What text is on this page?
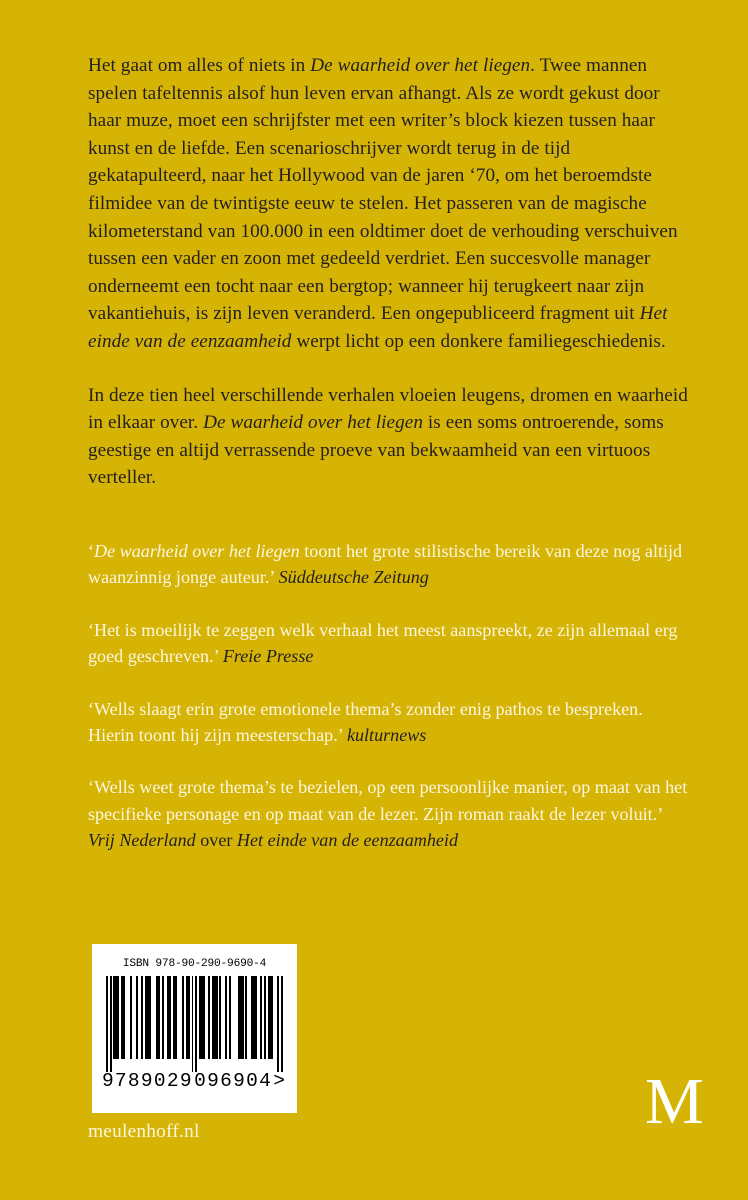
Het gaat om alles of niets in De waarheid over het liegen. Twee mannen spelen tafeltennis alsof hun leven ervan afhangt. Als ze wordt gekust door haar muze, moet een schrijfster met een writer’s block kiezen tussen haar kunst en de liefde. Een scenarioschrijver wordt terug in de tijd gekatapulteerd, naar het Hollywood van de jaren ‘70, om het beroemdste filmidee van de twintigste eeuw te stelen. Het passeren van de magische kilometerstand van 100.000 in een oldtimer doet de verhouding verschuiven tussen een vader en zoon met gedeeld verdriet. Een succesvolle manager onderneemt een tocht naar een bergtop; wanneer hij terugkeert naar zijn vakantiehuis, is zijn leven veranderd. Een ongepubliceerd fragment uit Het einde van de eenzaamheid werpt licht op een donkere familiegeschiedenis.

In deze tien heel verschillende verhalen vloeien leugens, dromen en waarheid in elkaar over. De waarheid over het liegen is een soms ontroerende, soms geestige en altijd verrassende proeve van bekwaamheid van een virtuoos verteller.

‘De waarheid over het liegen toont het grote stilistische bereik van deze nog altijd waanzinnig jonge auteur.’ Süddeutsche Zeitung

‘Het is moeilijk te zeggen welk verhaal het meest aanspreekt, ze zijn allemaal erg goed geschreven.’ Freie Presse

‘Wells slaagt erin grote emotionele thema’s zonder enig pathos te bespreken. Hierin toont hij zijn meesterschap.’ kulturnews

‘Wells weet grote thema’s te bezielen, op een persoonlijke manier, op maat van het specifieke personage en op maat van de lezer. Zijn roman raakt de lezer voluit.’ Vrij Nederland over Het einde van de eenzaamheid

ISBN 978-90-290-9690-4
9 789029 096904 >
meulenhoff.nl	M
